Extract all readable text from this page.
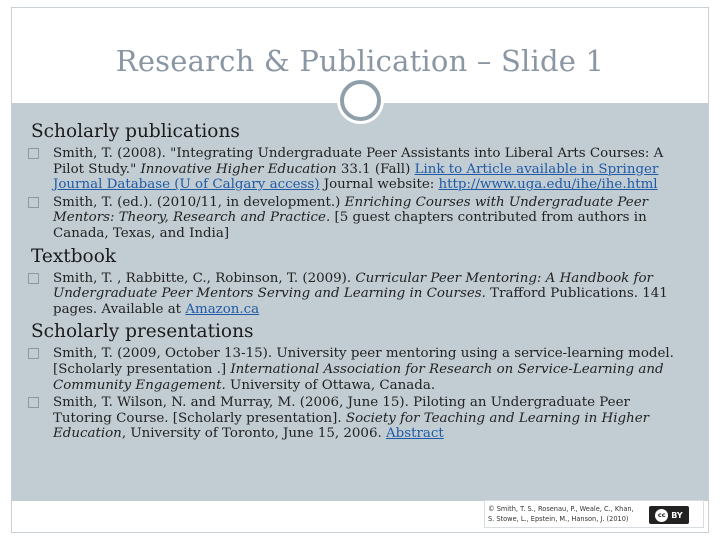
Research & Publication – Slide 1
Scholarly publications
Smith, T. (2008). "Integrating Undergraduate Peer Assistants into Liberal Arts Courses: A Pilot Study." Innovative Higher Education 33.1 (Fall) Link to Article available in Springer Journal Database (U of Calgary access) Journal website: http://www.uga.edu/ihe/ihe.html
Smith, T. (ed.). (2010/11, in development.) Enriching Courses with Undergraduate Peer Mentors: Theory, Research and Practice. [5 guest chapters contributed from authors in Canada, Texas, and India]
Textbook
Smith, T. , Rabbitte, C., Robinson, T. (2009). Curricular Peer Mentoring: A Handbook for Undergraduate Peer Mentors Serving and Learning in Courses. Trafford Publications. 141 pages. Available at Amazon.ca
Scholarly presentations
Smith, T. (2009, October 13-15). University peer mentoring using a service-learning model. [Scholarly presentation .] International Association for Research on Service-Learning and Community Engagement. University of Ottawa, Canada.
Smith, T. Wilson, N. and Murray, M. (2006, June 15). Piloting an Undergraduate Peer Tutoring Course. [Scholarly presentation]. Society for Teaching and Learning in Higher Education, University of Toronto, June 15, 2006. Abstract
© Smith, T. S., Rosenau, P., Weale, C., Khan,
S. Stowe, L., Epstein, M., Hanson, J. (2010)	cc BY
